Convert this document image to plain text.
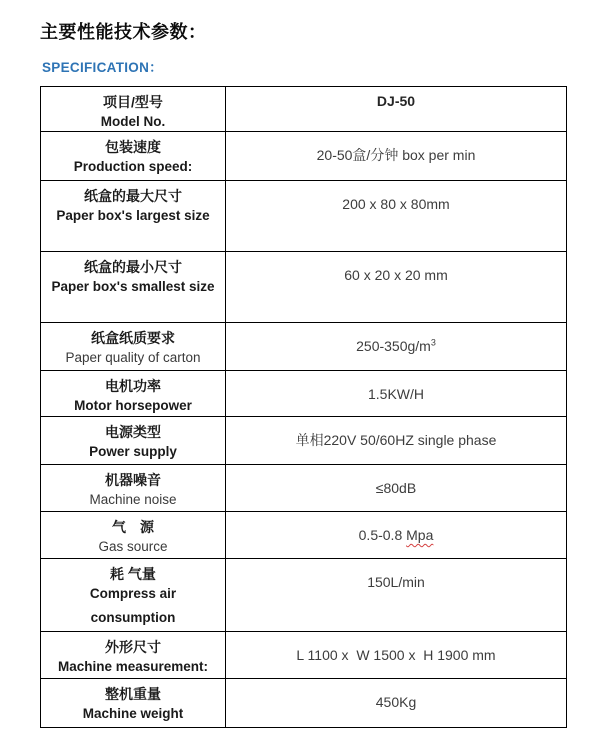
主要性能技术参数：
SPECIFICATION：
项目/型号
Model No.
DJ-50
包装速度
Production speed:
20-50盒/分钟 box per min
纸盒的最大尺寸
Paper box's largest size
200 x 80 x 80mm
纸盒的最小尺寸
Paper box's smallest size
60 x 20 x 20 mm
纸盒纸质要求
Paper quality of carton
$250-350g/m^3$
电机功率
Motor horsepower
1.5KW/H
电源类型
Power supply
单相220V 50/60HZ single phase
机器噪音
Machine noise
≤80dB
气　源
Gas source
0.5-0.8 Mpa
耗 气量
Compress air
consumption
150L/min
外形尺寸
Machine measurement:
L 1100 x  W 1500 x  H 1900 mm
整机重量
Machine weight
450Kg
